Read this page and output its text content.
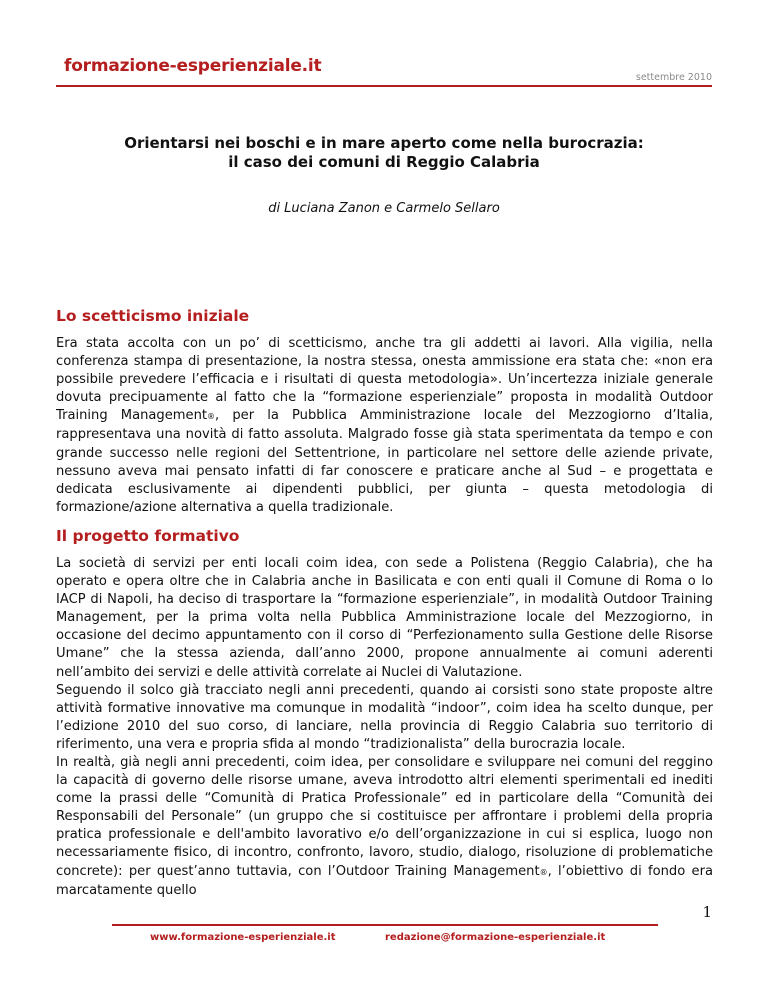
formazione-esperienziale.it
settembre 2010
Orientarsi nei boschi e in mare aperto come nella burocrazia:
il caso dei comuni di Reggio Calabria
di Luciana Zanon e Carmelo Sellaro
Lo scetticismo iniziale

Era stata accolta con un po’ di scetticismo, anche tra gli addetti ai lavori. Alla vigilia, nella conferenza stampa di presentazione, la nostra stessa, onesta ammissione era stata che: «non era possibile prevedere l’efficacia e i risultati di questa metodologia». Un’incertezza iniziale generale dovuta precipuamente al fatto che la “formazione esperienziale” proposta in modalità Outdoor Training Management®, per la Pubblica Amministrazione locale del Mezzogiorno d’Italia, rappresentava una novità di fatto assoluta. Malgrado fosse già stata sperimentata da tempo e con grande successo nelle regioni del Settentrione, in particolare nel settore delle aziende private, nessuno aveva mai pensato infatti di far conoscere e praticare anche al Sud – e progettata e dedicata esclusivamente ai dipendenti pubblici, per giunta – questa metodologia di formazione/azione alternativa a quella tradizionale.

Il progetto formativo

La società di servizi per enti locali coim idea, con sede a Polistena (Reggio Calabria), che ha operato e opera oltre che in Calabria anche in Basilicata e con enti quali il Comune di Roma o lo IACP di Napoli, ha deciso di trasportare la “formazione esperienziale”, in modalità Outdoor Training Management, per la prima volta nella Pubblica Amministrazione locale del Mezzogiorno, in occasione del decimo appuntamento con il corso di “Perfezionamento sulla Gestione delle Risorse Umane” che la stessa azienda, dall’anno 2000, propone annualmente ai comuni aderenti nell’ambito dei servizi e delle attività correlate ai Nuclei di Valutazione.

Seguendo il solco già tracciato negli anni precedenti, quando ai corsisti sono state proposte altre attività formative innovative ma comunque in modalità “indoor”, coim idea ha scelto dunque, per l’edizione 2010 del suo corso, di lanciare, nella provincia di Reggio Calabria suo territorio di riferimento, una vera e propria sfida al mondo “tradizionalista” della burocrazia locale.

In realtà, già negli anni precedenti, coim idea, per consolidare e sviluppare nei comuni del reggino la capacità di governo delle risorse umane, aveva introdotto altri elementi sperimentali ed inediti come la prassi delle “Comunità di Pratica Professionale” ed in particolare della “Comunità dei Responsabili del Personale” (un gruppo che si costituisce per affrontare i problemi della propria pratica professionale e dell'ambito lavorativo e/o dell’organizzazione in cui si esplica, luogo non necessariamente fisico, di incontro, confronto, lavoro, studio, dialogo, risoluzione di problematiche concrete): per quest’anno tuttavia, con l’Outdoor Training Management®, l’obiettivo di fondo era marcatamente quello

1
www.formazione-esperienziale.it	redazione@formazione-esperienziale.it
